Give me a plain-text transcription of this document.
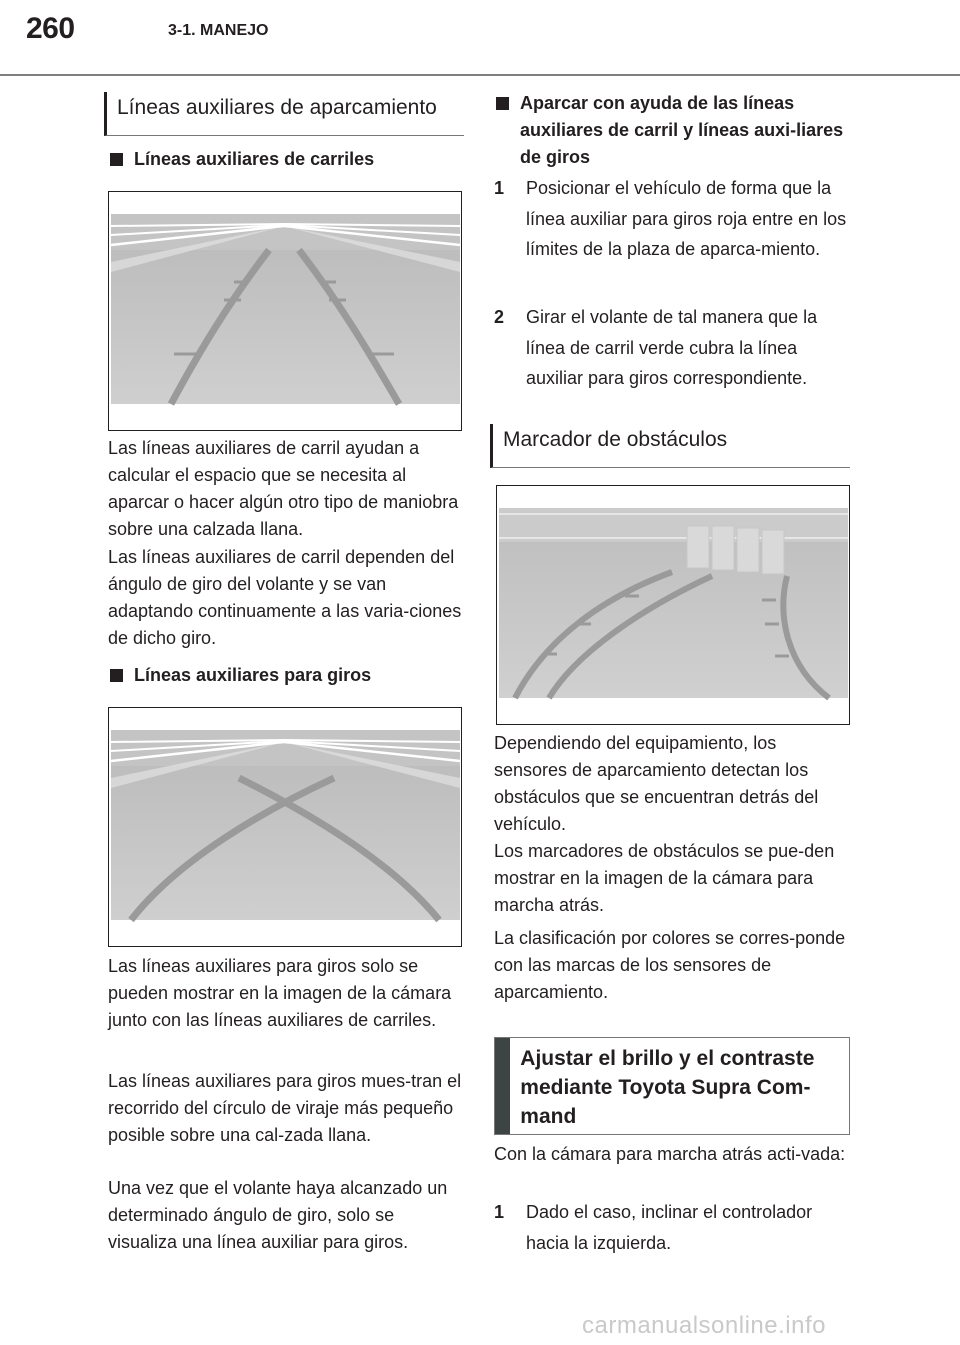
260	3-1. MANEJO
Líneas auxiliares de aparcamiento
Líneas auxiliares de carriles

Las líneas auxiliares de carril ayudan a calcular el espacio que se necesita al aparcar o hacer algún otro tipo de maniobra sobre una calzada llana.

Las líneas auxiliares de carril dependen del ángulo de giro del volante y se van adaptando continuamente a las varia-ciones de dicho giro.

Líneas auxiliares para giros

Las líneas auxiliares para giros solo se pueden mostrar en la imagen de la cámara junto con las líneas auxiliares de carriles.

Las líneas auxiliares para giros mues-tran el recorrido del círculo de viraje más pequeño posible sobre una cal-zada llana.

Una vez que el volante haya alcanzado un determinado ángulo de giro, solo se visualiza una línea auxiliar para giros.

Aparcar con ayuda de las líneas auxiliares de carril y líneas auxi-liares de giros
1 Posicionar el vehículo de forma que la línea auxiliar para giros roja entre en los límites de la plaza de aparca-miento.
2 Girar el volante de tal manera que la línea de carril verde cubra la línea auxiliar para giros correspondiente.
Marcador de obstáculos

Dependiendo del equipamiento, los sensores de aparcamiento detectan los obstáculos que se encuentran detrás del vehículo.

Los marcadores de obstáculos se pue-den mostrar en la imagen de la cámara para marcha atrás.

La clasificación por colores se corres-ponde con las marcas de los sensores de aparcamiento.

Ajustar el brillo y el contraste mediante Toyota Supra Com-mand

Con la cámara para marcha atrás acti-vada:

1 Dado el caso, inclinar el controlador hacia la izquierda.
carmanualsonline.info
